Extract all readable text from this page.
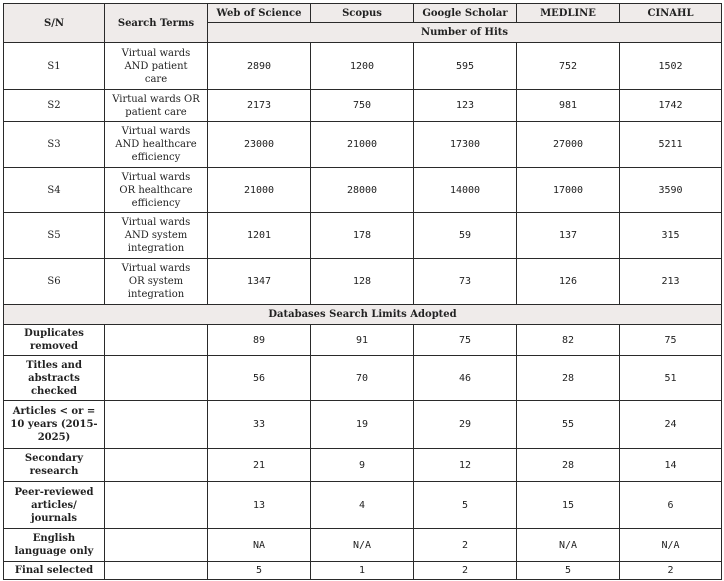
S/N	Search Terms	Web of Science	Scopus	Google Scholar	MEDLINE	CINAHL
		Number of Hits				
S1	Virtual wards AND patient care	2890	1200	595	752	1502
S2	Virtual wards OR patient care	2173	750	123	981	1742
S3	Virtual wards AND healthcare efficiency	23000	21000	17300	27000	5211
S4	Virtual wards OR healthcare efficiency	21000	28000	14000	17000	3590
S5	Virtual wards AND system integration	1201	178	59	137	315
S6	Virtual wards OR system integration	1347	128	73	126	213
Databases Search Limits Adopted						
Duplicates removed		89	91	75	82	75
Titles and abstracts checked		56	70	46	28	51
Articles < or = 10 years (2015-2025)		33	19	29	55	24
Secondary research		21	9	12	28	14
Peer-reviewed articles/ journals		13	4	5	15	6
English language only		NA	N/A	2	N/A	N/A
Final selected		5	1	2	5	2
